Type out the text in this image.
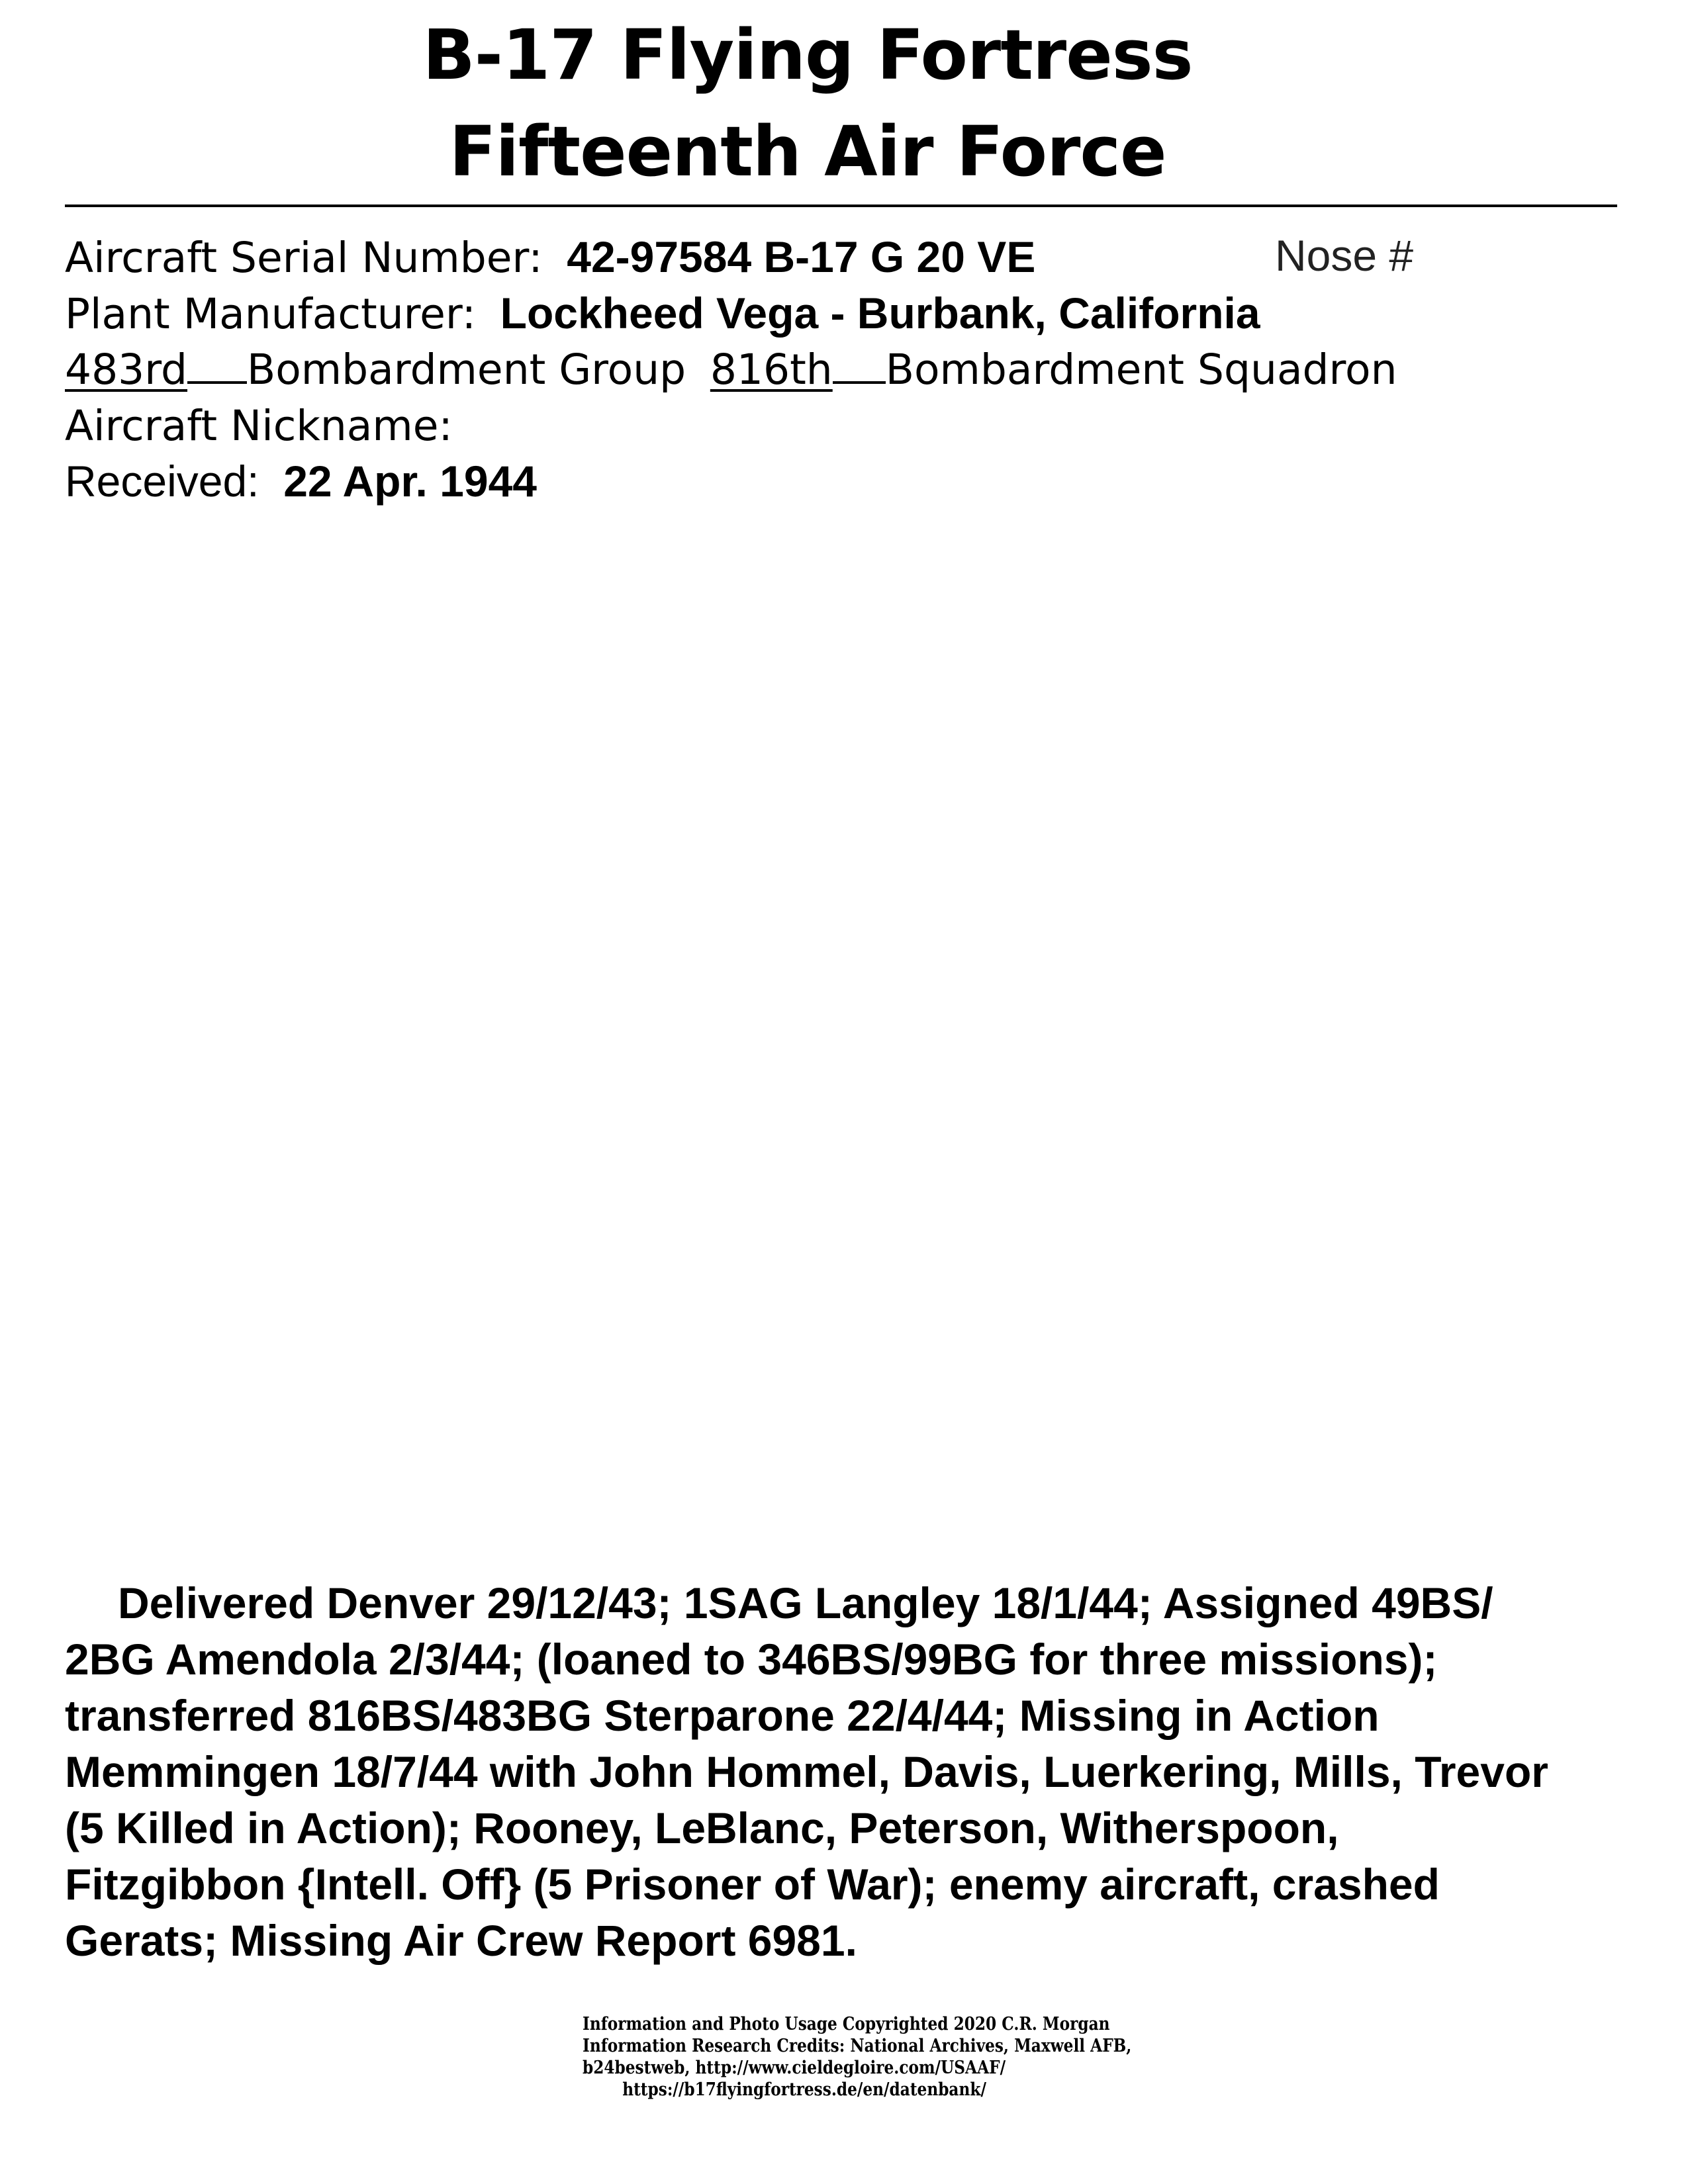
B-17 Flying Fortress
Fifteenth Air Force
Aircraft Serial Number: 42-97584 B-17 G 20 VE	Nose #
Plant Manufacturer: Lockheed Vega - Burbank, California
483rd Bombardment Group 816th Bombardment Squadron
Aircraft Nickname:
Received: 22 Apr. 1944
Delivered Denver 29/12/43; 1SAG Langley 18/1/44; Assigned 49BS/
2BG Amendola 2/3/44; (loaned to 346BS/99BG for three missions);
transferred 816BS/483BG Sterparone 22/4/44; Missing in Action
Memmingen 18/7/44 with John Hommel, Davis, Luerkering, Mills, Trevor
(5 Killed in Action); Rooney, LeBlanc, Peterson, Witherspoon,
Fitzgibbon {Intell. Off} (5 Prisoner of War); enemy aircraft, crashed
Gerats; Missing Air Crew Report 6981.
Information and Photo Usage Copyrighted 2020 C.R. Morgan
Information Research Credits: National Archives, Maxwell AFB,
b24bestweb, http://www.cieldegloire.com/USAAF/
https://b17flyingfortress.de/en/datenbank/
